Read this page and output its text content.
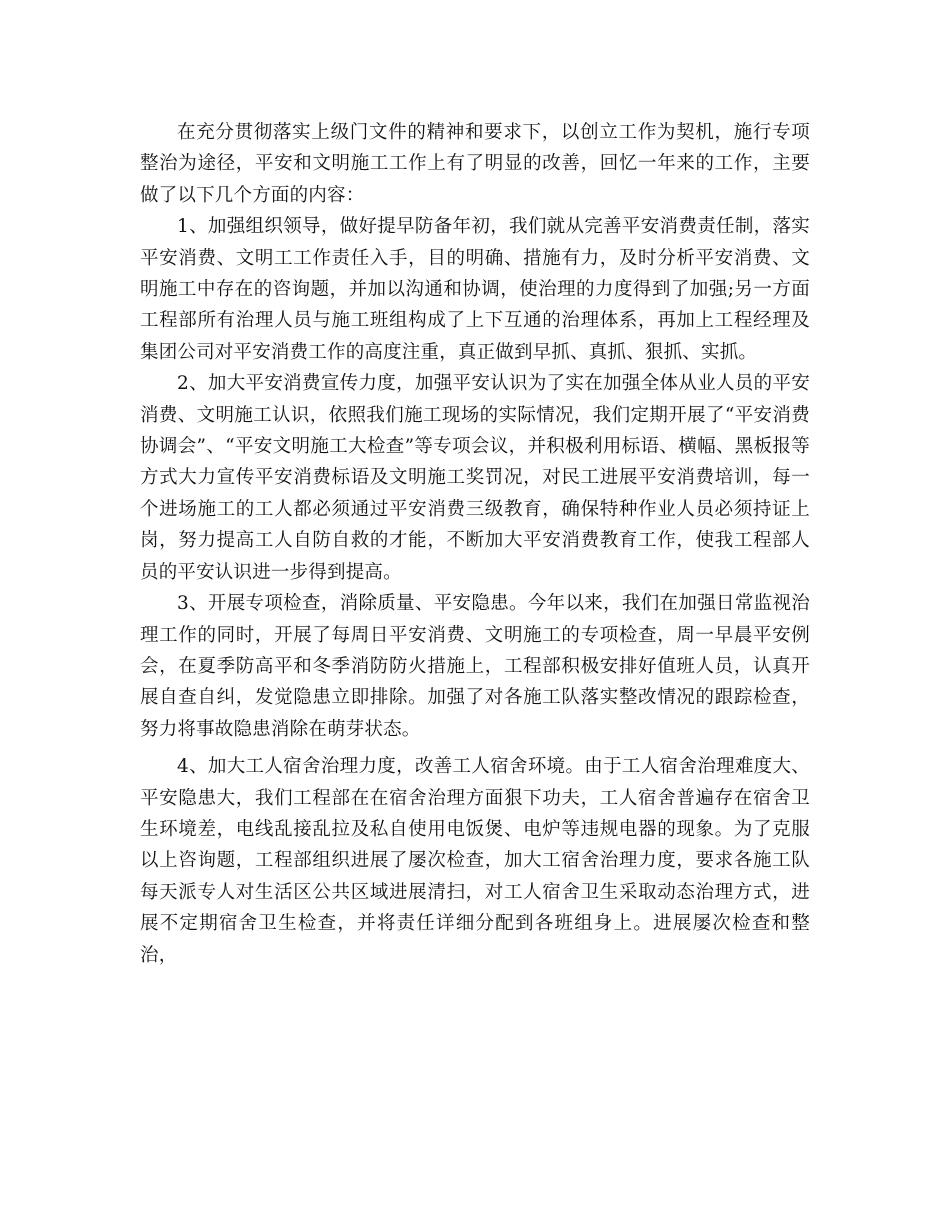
在充分贯彻落实上级门文件的精神和要求下，以创立工作为契机，施行专项整治为途径，平安和文明施工工作上有了明显的改善，回忆一年来的工作，主要做了以下几个方面的内容：

1、加强组织领导，做好提早防备年初，我们就从完善平安消费责任制，落实平安消费、文明工工作责任入手，目的明确、措施有力，及时分析平安消费、文明施工中存在的咨询题，并加以沟通和协调，使治理的力度得到了加强;另一方面工程部所有治理人员与施工班组构成了上下互通的治理体系，再加上工程经理及集团公司对平安消费工作的高度注重，真正做到早抓、真抓、狠抓、实抓。

2、加大平安消费宣传力度，加强平安认识为了实在加强全体从业人员的平安消费、文明施工认识，依照我们施工现场的实际情况，我们定期开展了“平安消费协调会”、“平安文明施工大检查”等专项会议，并积极利用标语、横幅、黑板报等方式大力宣传平安消费标语及文明施工奖罚况，对民工进展平安消费培训，每一个进场施工的工人都必须通过平安消费三级教育，确保特种作业人员必须持证上岗，努力提高工人自防自救的才能，不断加大平安消费教育工作，使我工程部人员的平安认识进一步得到提高。

3、开展专项检查，消除质量、平安隐患。今年以来，我们在加强日常监视治理工作的同时，开展了每周日平安消费、文明施工的专项检查，周一早晨平安例会，在夏季防高平和冬季消防防火措施上，工程部积极安排好值班人员，认真开展自查自纠，发觉隐患立即排除。加强了对各施工队落实整改情况的跟踪检查，努力将事故隐患消除在萌芽状态。

4、加大工人宿舍治理力度，改善工人宿舍环境。由于工人宿舍治理难度大、平安隐患大，我们工程部在在宿舍治理方面狠下功夫，工人宿舍普遍存在宿舍卫生环境差，电线乱接乱拉及私自使用电饭煲、电炉等违规电器的现象。为了克服以上咨询题，工程部组织进展了屡次检查，加大工宿舍治理力度，要求各施工队每天派专人对生活区公共区域进展清扫，对工人宿舍卫生采取动态治理方式，进展不定期宿舍卫生检查，并将责任详细分配到各班组身上。进展屡次检查和整治，
